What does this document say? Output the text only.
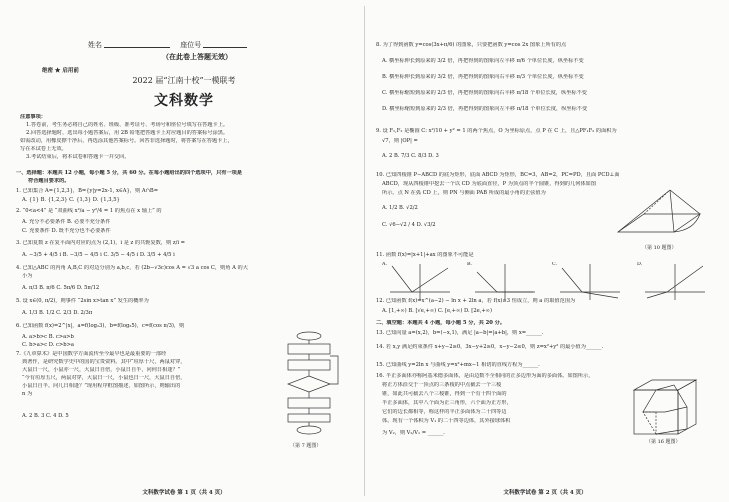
姓名	座位号
（在此卷上答题无效）
绝密 ★ 启用前
2022 届“江南十校”一模联考
文科数学
注意事项：
1.答卷前，考生务必将自己的姓名、班级、准考证号、考场号和座位号填写在答题卡上。
2.回答选择题时，选出每小题答案后，用 2B 铅笔把答题卡上对应题目的答案标号涂黑。
如需改动，用橡皮擦干净后，再选涂其他答案标号。回答非选择题时，将答案写在答题卡上，
写在本试卷上无效。
3.考试结束后，将本试卷和答题卡一并交回。
一、选择题：本题共 12 小题，每小题 5 分，共 60 分。在每小题给出的四个选项中，只有一项是
符合题目要求的。
1. 已知集合 A={1,2,3}，B={y|y=2x-1, x∈A}，则 A∩B=
A. {1} B. {1,2,3} C. {1,3} D. {1,3,5}
2. “0<a<4” 是 “双曲线 x²/a − y²/4 = 1 的焦点在 x 轴上” 的
A. 充分不必要条件 B. 必要不充分条件
C. 充要条件 D. 既不充分也不必要条件
3. 已知复数 z 在复平面内对应的点为 (2,1)，i 是 z 的共轭复数，则 z/i =
A. −3/5 + 4/5 i B. −3/5 − 4/5 i C. 3/5 − 4/5 i D. 3/5 + 4/5 i
4. 已知△ABC 的内角 A,B,C 的对边分别为 a,b,c，若 (2b−√3c)cos A = √3 a cos C，则角 A 的大
小为
A. π/3 B. π/6 C. 5π/6 D. 5π/12
5. 设 x∈(0, π/2)，则事件 “2sin x>tan x” 发生的概率为
A. 1/3 B. 1/2 C. 2/3 D. 2/3π
6. 已知函数 f(x)=2^|x|，a=f(log₂3)，b=f(log₃5)，c=f(cos π/3)，则
A. a>b>c B. c>a>b
C. b>a>c D. c>b>a
7.《九章算术》是中国数学方面流传至今最早也是最重要的一部经
典著作，是研究数学史中的国的宝贵资料。其中“垣厚十尺，两鼠对穿，
大鼠日一尺，小鼠亦一尺，大鼠日自倍，小鼠日自半，问何日相逢？”
“今有垣厚五尺，两鼠对穿，大鼠日一尺，小鼠也日一尺，大鼠日自倍，
小鼠日自半。问几日相逢？”现用程序框图描述，如图所示，则输出的
n 为
A. 2 B. 3 C. 4 D. 5
（第 7 题图）
文科数学试卷 第 1 页（共 4 页）
8. 为了得到函数 y=cos(3x+π/6) 的图象，只要把函数 y=cos 2x 图象上所有的点
A. 横坐标伸长到原来的 3/2 倍，再把得到的图象向左平移 π/6 个单位长度，纵坐标不变
B. 横坐标伸长到原来的 3/2 倍，再把得到的图象向右平移 π/3 个单位长度，纵坐标不变
C. 横坐标缩短到原来的 2/3 倍，再把得到的图象向右平移 π/18 个单位长度，纵坐标不变
D. 横坐标缩短到原来的 2/3 倍，再把得到的图象向左平移 π/18 个单位长度，纵坐标不变
9. 设 F₁,F₂ 是椭圆 C: x²/10 + y² = 1 的两个焦点，O 为坐标原点，点 P 在 C 上，且△PF₁F₂ 的面积为
√7，则 |OP| =
A. 2 B. 7/3 C. 8/3 D. 3
10. 已知四棱锥 P−ABCD 的底为矩形，底面 ABCD 为矩形，BC=3，AB=2，PC=PD，且面 PCD⊥面
ABCD，现从四棱锥中挖去一个以 CD 为底面直径，P 为顶点的半个圆锥，得到的几何体如图
所示。点 N 在弧 CD 上，则 PN 与侧面 PAB 所成的最小角的正弦值为
A. 1/2 B. √2/2
C. √6−√2 / 4 D. √3/2
（第 10 题图）
11. 函数 f(x)=|x+1|+ax 的图象不可能是
A.	B.	C.	D.
12. 已知函数 f(x)=x^(a−2) − ln x + 2ln a，若 f(x)≥3 恒成立，则 a 的取值范围为
A. [1,+∞) B. [√e,+∞) C. [e,+∞) D. [2e,+∞)
二、填空题：本题共 4 小题，每小题 5 分，共 20 分。
13. 已知向量 a=(x,2)，b=(−x,1)，满足 |a−b|=|a+b|，则 x=______.
14. 若 x,y 满足约束条件 x+y−2≥0，3x−y+2≥0，x−y−2≤0，则 z=x²+y² 的最小值为______.
15. 已知曲线 y=2ln x 与曲线 y=x²+mx−1 相切的直线方程为______.
16. 半正多面体亦称阿基米德多面体，是由边数不全相同的正多边形为面的多面体。如图所示，
将正方体沿交于一顶点的三条棱的中点截去一个三棱
锥，如此共可截去八个三棱锥，得到一个有十四个面的
半正多面体，其中八个面为正三角形，六个面为正方形，
它们的边长都相等，称这样的半正多面体为二十四等边
体。现有一个体积为 V₁ 的二十四等边体，其外接球体积
为 V₂，则 V₂/V₁ = ______.
（第 16 题图）
文科数学试卷 第 2 页（共 4 页）
